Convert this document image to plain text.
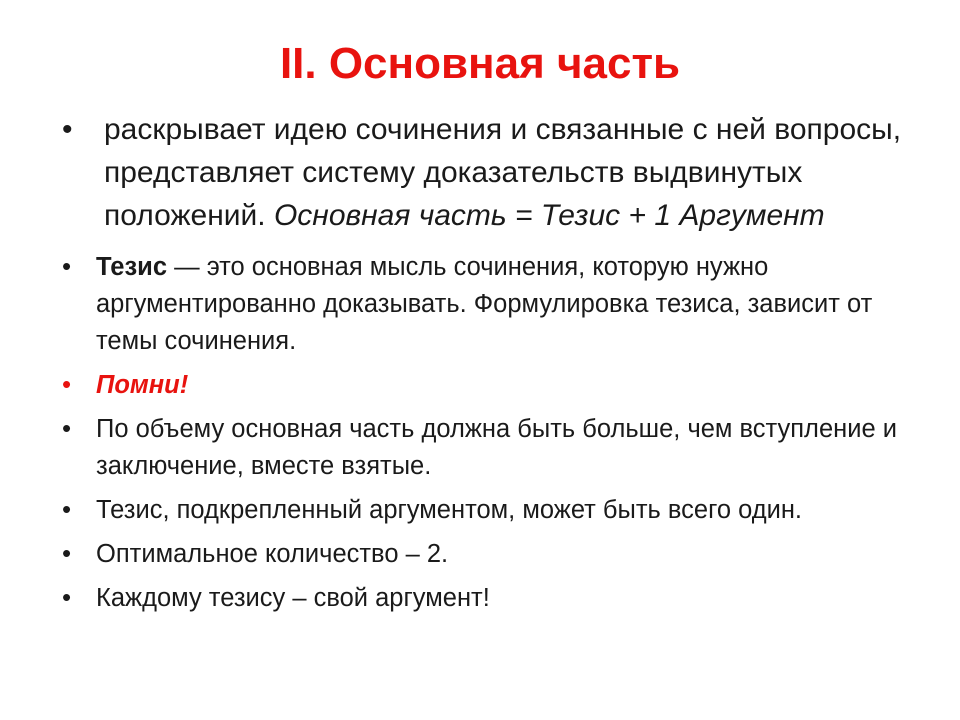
II. Основная часть
• раскрывает идею сочинения и связанные с ней вопросы, представляет систему доказательств выдвинутых положений. Основная часть = Тезис + 1 Аргумент
• Тезис — это основная мысль сочинения, которую нужно аргументированно доказывать. Формулировка тезиса, зависит от темы сочинения.
• Помни!
• По объему основная часть должна быть больше, чем вступление и заключение, вместе взятые.
• Тезис, подкрепленный аргументом, может быть всего один.
• Оптимальное количество – 2.
• Каждому тезису – свой аргумент!
